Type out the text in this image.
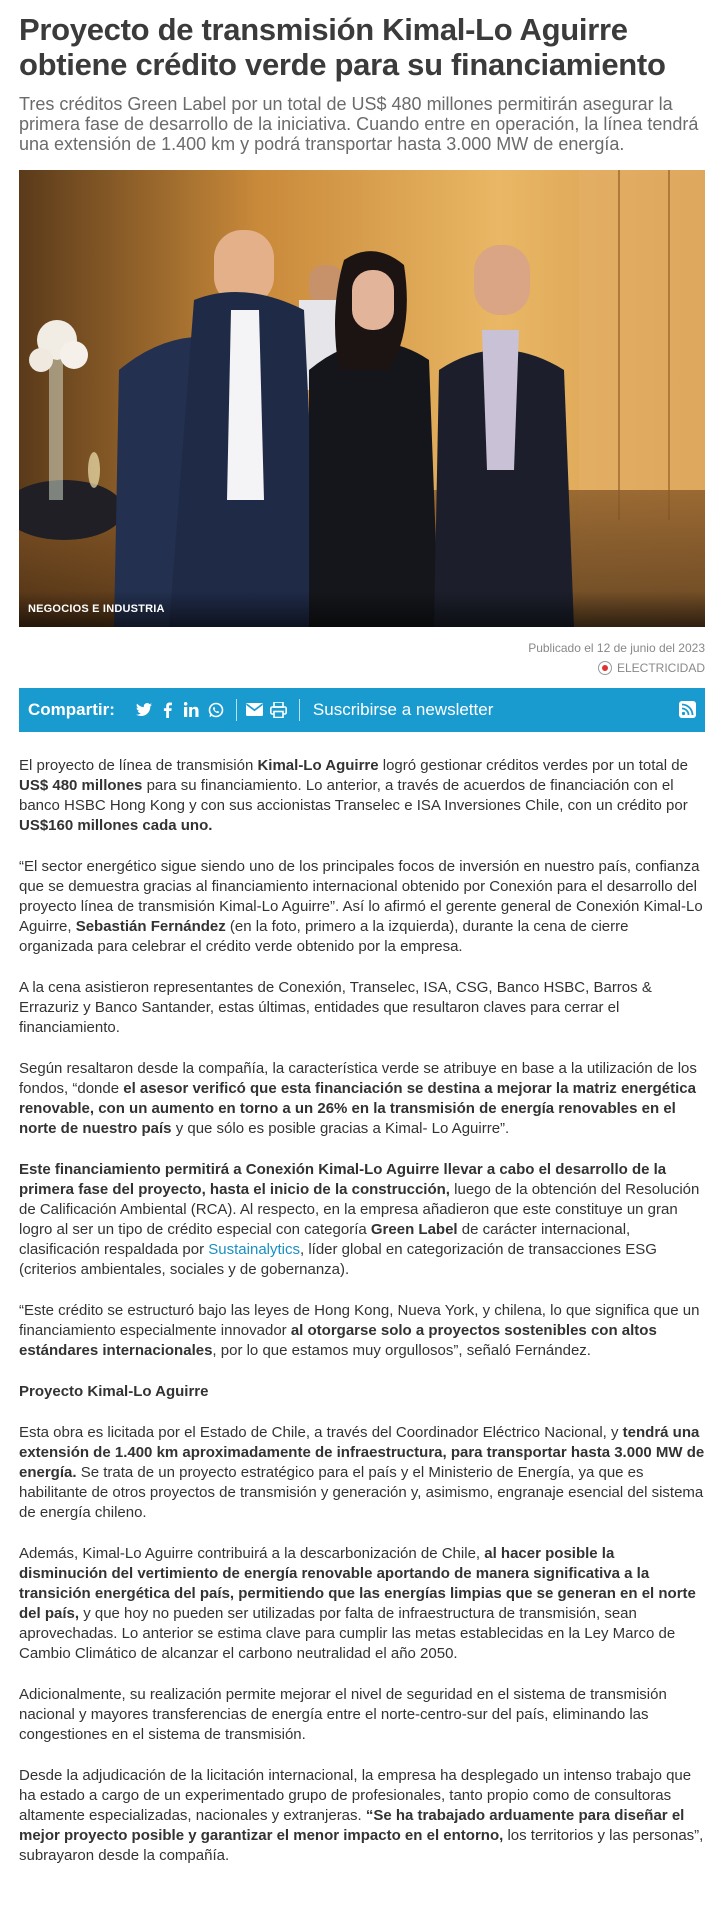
Proyecto de transmisión Kimal-Lo Aguirre obtiene crédito verde para su financiamiento
Tres créditos Green Label por un total de US$ 480 millones permitirán asegurar la primera fase de desarrollo de la iniciativa. Cuando entre en operación, la línea tendrá una extensión de 1.400 km y podrá transportar hasta 3.000 MW de energía.
NEGOCIOS E INDUSTRIA
Publicado el 12 de junio del 2023
ELECTRICIDAD
Compartir:	Suscribirse a newsletter

El proyecto de línea de transmisión Kimal-Lo Aguirre logró gestionar créditos verdes por un total de US$ 480 millones para su financiamiento. Lo anterior, a través de acuerdos de financiación con el banco HSBC Hong Kong y con sus accionistas Transelec e ISA Inversiones Chile, con un crédito por US$160 millones cada uno.

“El sector energético sigue siendo uno de los principales focos de inversión en nuestro país, confianza que se demuestra gracias al financiamiento internacional obtenido por Conexión para el desarrollo del proyecto línea de transmisión Kimal-Lo Aguirre”. Así lo afirmó el gerente general de Conexión Kimal-Lo Aguirre, Sebastián Fernández (en la foto, primero a la izquierda), durante la cena de cierre organizada para celebrar el crédito verde obtenido por la empresa.

A la cena asistieron representantes de Conexión, Transelec, ISA, CSG, Banco HSBC, Barros & Errazuriz y Banco Santander, estas últimas, entidades que resultaron claves para cerrar el financiamiento.

Según resaltaron desde la compañía, la característica verde se atribuye en base a la utilización de los fondos, “donde el asesor verificó que esta financiación se destina a mejorar la matriz energética renovable, con un aumento en torno a un 26% en la transmisión de energía renovables en el norte de nuestro país y que sólo es posible gracias a Kimal- Lo Aguirre”.

Este financiamiento permitirá a Conexión Kimal-Lo Aguirre llevar a cabo el desarrollo de la primera fase del proyecto, hasta el inicio de la construcción, luego de la obtención del Resolución de Calificación Ambiental (RCA). Al respecto, en la empresa añadieron que este constituye un gran logro al ser un tipo de crédito especial con categoría Green Label de carácter internacional, clasificación respaldada por Sustainalytics, líder global en categorización de transacciones ESG (criterios ambientales, sociales y de gobernanza).

“Este crédito se estructuró bajo las leyes de Hong Kong, Nueva York, y chilena, lo que significa que un financiamiento especialmente innovador al otorgarse solo a proyectos sostenibles con altos estándares internacionales, por lo que estamos muy orgullosos”, señaló Fernández.

Proyecto Kimal-Lo Aguirre

Esta obra es licitada por el Estado de Chile, a través del Coordinador Eléctrico Nacional, y tendrá una extensión de 1.400 km aproximadamente de infraestructura, para transportar hasta 3.000 MW de energía. Se trata de un proyecto estratégico para el país y el Ministerio de Energía, ya que es habilitante de otros proyectos de transmisión y generación y, asimismo, engranaje esencial del sistema de energía chileno.

Además, Kimal-Lo Aguirre contribuirá a la descarbonización de Chile, al hacer posible la disminución del vertimiento de energía renovable aportando de manera significativa a la transición energética del país, permitiendo que las energías limpias que se generan en el norte del país, y que hoy no pueden ser utilizadas por falta de infraestructura de transmisión, sean aprovechadas. Lo anterior se estima clave para cumplir las metas establecidas en la Ley Marco de Cambio Climático de alcanzar el carbono neutralidad el año 2050.

Adicionalmente, su realización permite mejorar el nivel de seguridad en el sistema de transmisión nacional y mayores transferencias de energía entre el norte-centro-sur del país, eliminando las congestiones en el sistema de transmisión.

Desde la adjudicación de la licitación internacional, la empresa ha desplegado un intenso trabajo que ha estado a cargo de un experimentado grupo de profesionales, tanto propio como de consultoras altamente especializadas, nacionales y extranjeras. “Se ha trabajado arduamente para diseñar el mejor proyecto posible y garantizar el menor impacto en el entorno, los territorios y las personas”, subrayaron desde la compañía.
